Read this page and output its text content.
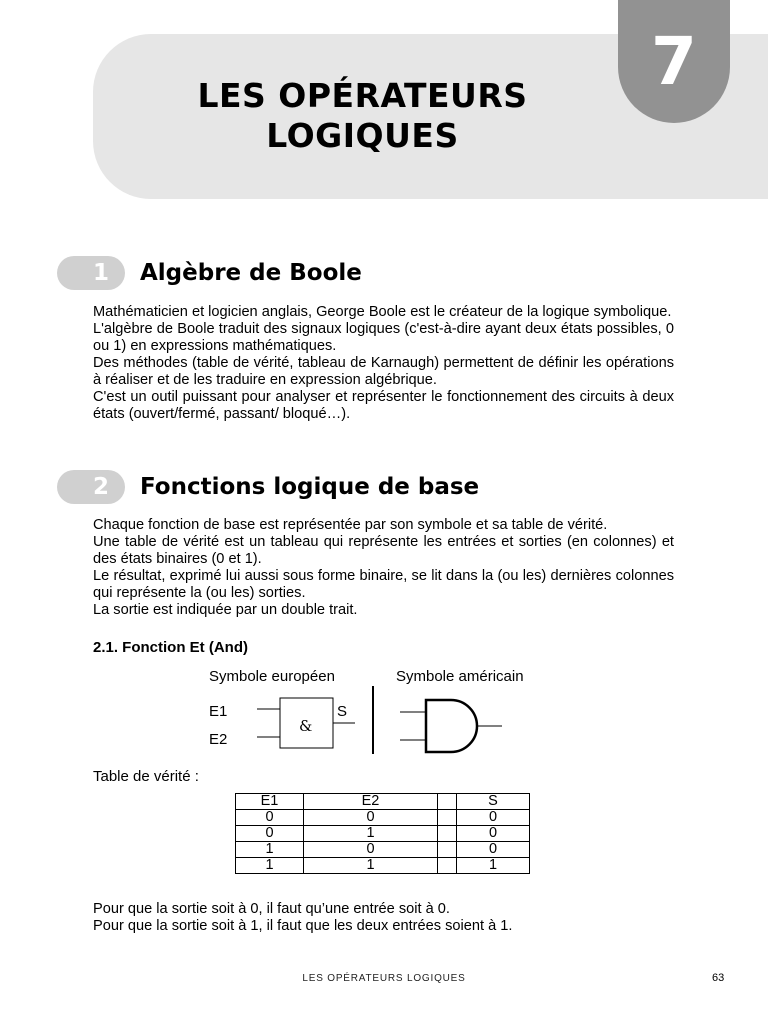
LES OPÉRATEURS
LOGIQUES
7
1	Algèbre de Boole

Mathématicien et logicien anglais, George Boole est le créateur de la logique symbolique.

L'algèbre de Boole traduit des signaux logiques (c'est-à-dire ayant deux états possibles, 0 ou 1) en expressions mathématiques.

Des méthodes (table de vérité, tableau de Karnaugh) permettent de définir les opérations à réaliser et de les traduire en expression algébrique.

C'est un outil puissant pour analyser et représenter le fonctionnement des circuits à deux états (ouvert/fermé, passant/ bloqué…).

2	Fonctions logique de base

Chaque fonction de base est représentée par son symbole et sa table de vérité.

Une table de vérité est un tableau qui représente les entrées et sorties (en colonnes) et des états binaires (0 et 1).

Le résultat, exprimé lui aussi sous forme binaire, se lit dans la (ou les) dernières colonnes qui représente la (ou les) sorties.

La sortie est indiquée par un double trait.

2.1. Fonction Et (And)
Symbole européen	Symbole américain
E1
E2
S
&
Table de vérité :
E1	E2		S
0	0		0
0	1		0
1	0		0
1	1		1

Pour que la sortie soit à 0, il faut qu’une entrée soit à 0.

Pour que la sortie soit à 1, il faut que les deux entrées soient à 1.

LES OPÉRATEURS LOGIQUES	63
